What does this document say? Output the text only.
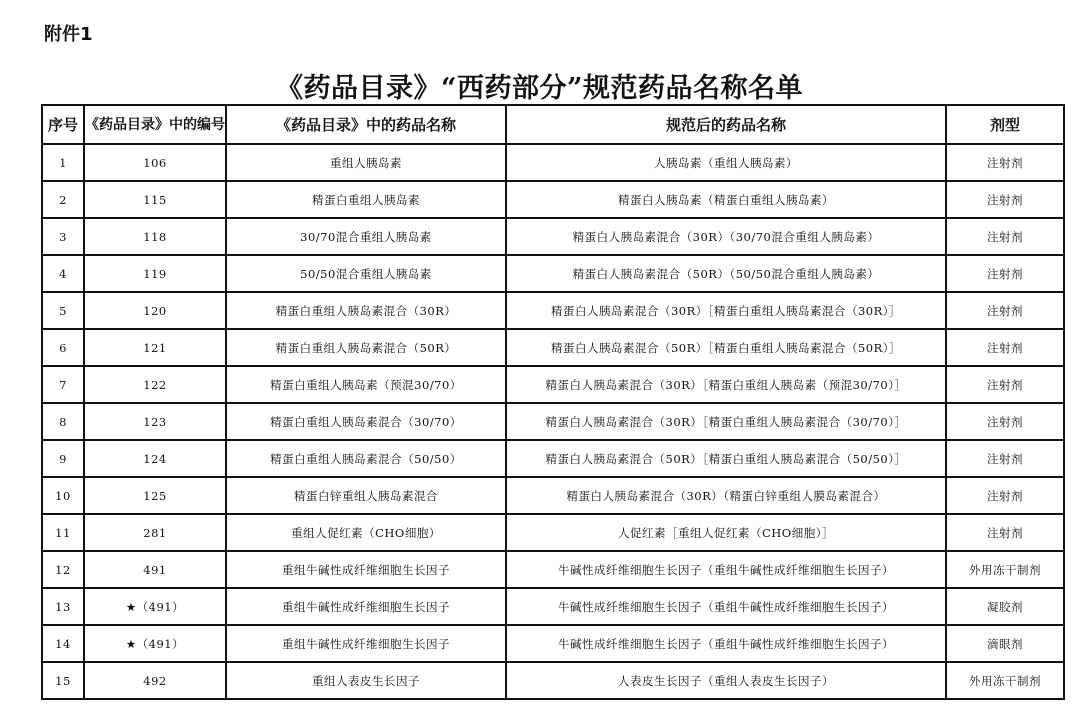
附件1
《药品目录》“西药部分”规范药品名称名单
序号	《药品目录》中的编号	《药品目录》中的药品名称	规范后的药品名称	剂型
1	106	重组人胰岛素	人胰岛素（重组人胰岛素）	注射剂
2	115	精蛋白重组人胰岛素	精蛋白人胰岛素（精蛋白重组人胰岛素）	注射剂
3	118	30/70混合重组人胰岛素	精蛋白人胰岛素混合（30R）（30/70混合重组人胰岛素）	注射剂
4	119	50/50混合重组人胰岛素	精蛋白人胰岛素混合（50R）（50/50混合重组人胰岛素）	注射剂
5	120	精蛋白重组人胰岛素混合（30R）	精蛋白人胰岛素混合（30R）［精蛋白重组人胰岛素混合（30R）］	注射剂
6	121	精蛋白重组人胰岛素混合（50R）	精蛋白人胰岛素混合（50R）［精蛋白重组人胰岛素混合（50R）］	注射剂
7	122	精蛋白重组人胰岛素（预混30/70）	精蛋白人胰岛素混合（30R）［精蛋白重组人胰岛素（预混30/70）］	注射剂
8	123	精蛋白重组人胰岛素混合（30/70）	精蛋白人胰岛素混合（30R）［精蛋白重组人胰岛素混合（30/70）］	注射剂
9	124	精蛋白重组人胰岛素混合（50/50）	精蛋白人胰岛素混合（50R）［精蛋白重组人胰岛素混合（50/50）］	注射剂
10	125	精蛋白锌重组人胰岛素混合	精蛋白人胰岛素混合（30R）（精蛋白锌重组人膜岛素混合）	注射剂
11	281	重组人促红素（CHO细胞）	人促红素［重组人促红素（CHO细胞）］	注射剂
12	491	重组牛碱性成纤维细胞生长因子	牛碱性成纤维细胞生长因子（重组牛碱性成纤维细胞生长因子）	外用冻干制剂
13	★（491）	重组牛碱性成纤维细胞生长因子	牛碱性成纤维细胞生长因子（重组牛碱性成纤维细胞生长因子）	凝胶剂
14	★（491）	重组牛碱性成纤维细胞生长因子	牛碱性成纤维细胞生长因子（重组牛碱性成纤维细胞生长因子）	滴眼剂
15	492	重组人表皮生长因子	人表皮生长因子（重组人表皮生长因子）	外用冻干制剂
